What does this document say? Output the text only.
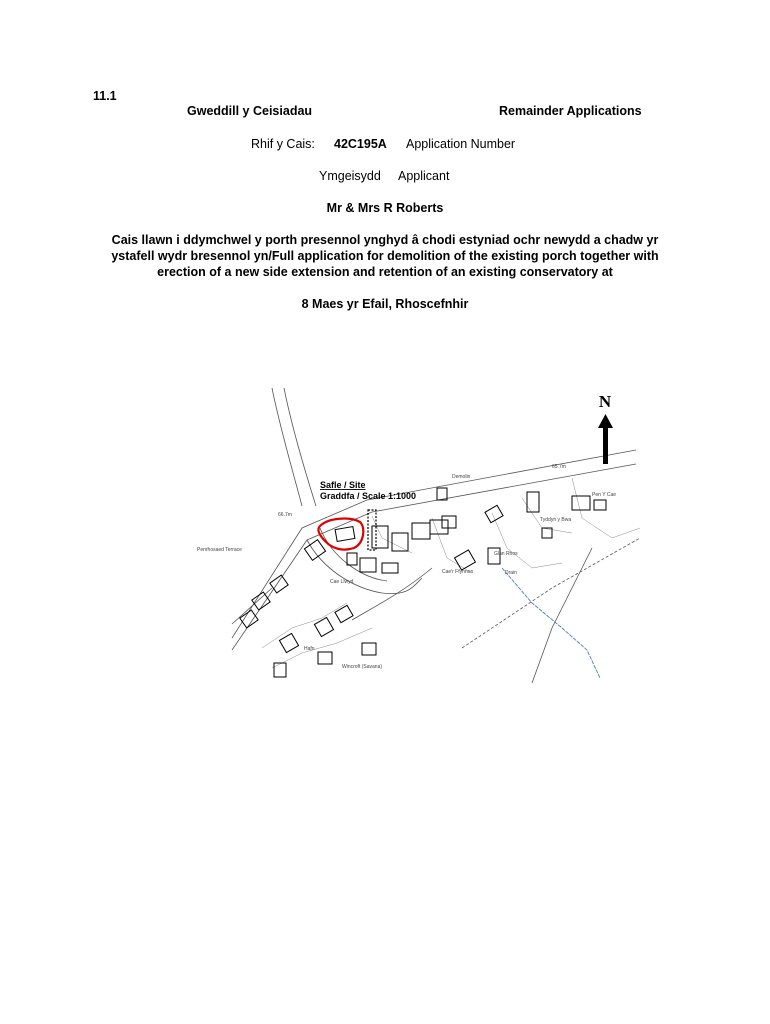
11.1
Gweddill y Ceisiadau	Remainder Applications
Rhif y Cais: 42C195A Application Number
Ymgeisydd Applicant
Mr & Mrs R Roberts
Cais llawn i ddymchwel y porth presennol ynghyd â chodi estyniad ochr newydd a chadw yr
ystafell wydr bresennol yn/Full application for demolition of the existing porch together with
erection of a new side extension and retention of an existing conservatory at
8 Maes yr Efail, Rhoscefnhir
N
Safle / Site
Graddfa / Scale 1:1000
Penrhosaed Terrace
Demolin
Pen Y Cae
Tyddyn y Bwa
Cae'r Ffynnon
Glan Rhos
Cae Llwyd
Wincroft (Savana)
Hafn
66.7m
65.7m
Drain
